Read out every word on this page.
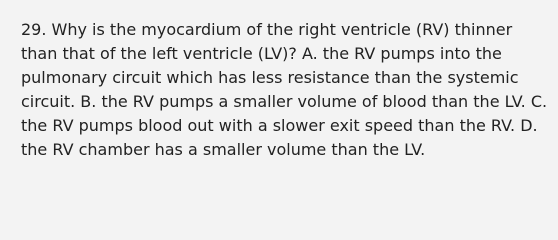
29. Why is the myocardium of the right ventricle (RV) thinner than that of the left ventricle (LV)? A. the RV pumps into the pulmonary circuit which has less resistance than the systemic circuit. B. the RV pumps a smaller volume of blood than the LV. C. the RV pumps blood out with a slower exit speed than the RV. D. the RV chamber has a smaller volume than the LV.
